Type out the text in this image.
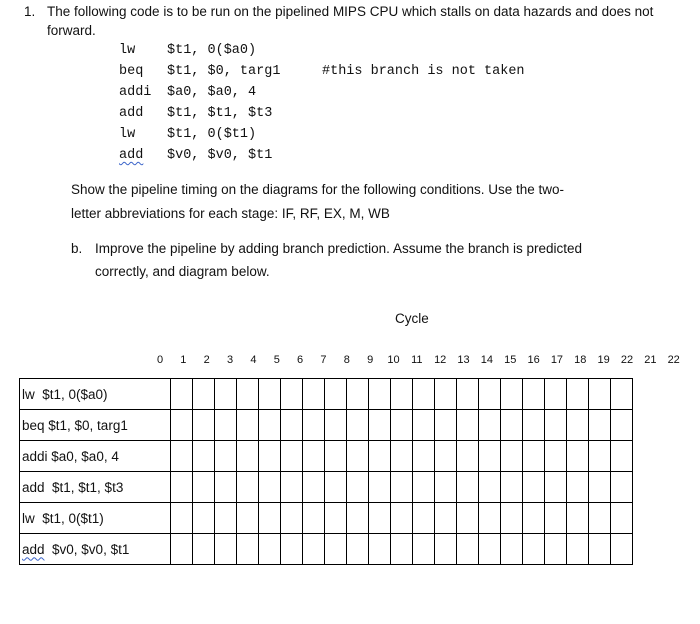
1. The following code is to be run on the pipelined MIPS CPU which stalls on data hazards and does not
forward.
lw $t1, 0($a0)
beq $t1, $0, targ1	#this branch is not taken
addi $a0, $a0, 4
add $t1, $t1, $t3
lw $t1, 0($t1)
add $v0, $v0, $t1
Show the pipeline timing on the diagrams for the following conditions. Use the two-
letter abbreviations for each stage: IF, RF, EX, M, WB
b. Improve the pipeline by adding branch prediction. Assume the branch is predicted
correctly, and diagram below.
Cycle
0 1 2 3 4 5 6 7 8 9 10 11 12 13 14 15 16 17 18 19 22 21 22
lw  $t1, 0($a0)																					
beq $t1, $0, targ1																					
addi $a0, $a0, 4																					
add  $t1, $t1, $t3																					
lw  $t1, 0($t1)																					
add  $v0, $v0, $t1																					
